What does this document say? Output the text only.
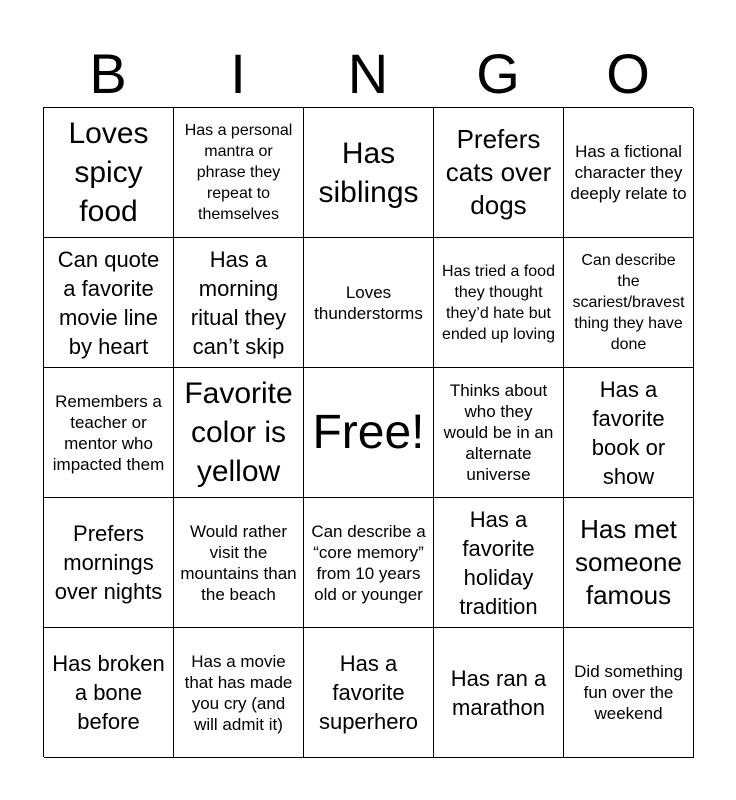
B	I	N	G	O
Loves spicy food
Has a personal mantra or phrase they repeat to themselves
Has siblings
Prefers cats over dogs
Has a fictional character they deeply relate to
Can quote a favorite movie line by heart
Has a morning ritual they can’t skip
Loves thunderstorms
Has tried a food they thought they’d hate but ended up loving
Can describe the scariest/bravest thing they have done
Remembers a teacher or mentor who impacted them
Favorite color is yellow
Free!
Thinks about who they would be in an alternate universe
Has a favorite book or show
Prefers mornings over nights
Would rather visit the mountains than the beach
Can describe a “core memory” from 10 years old or younger
Has a favorite holiday tradition
Has met someone famous
Has broken a bone before
Has a movie that has made you cry (and will admit it)
Has a favorite superhero
Has ran a marathon
Did something fun over the weekend
